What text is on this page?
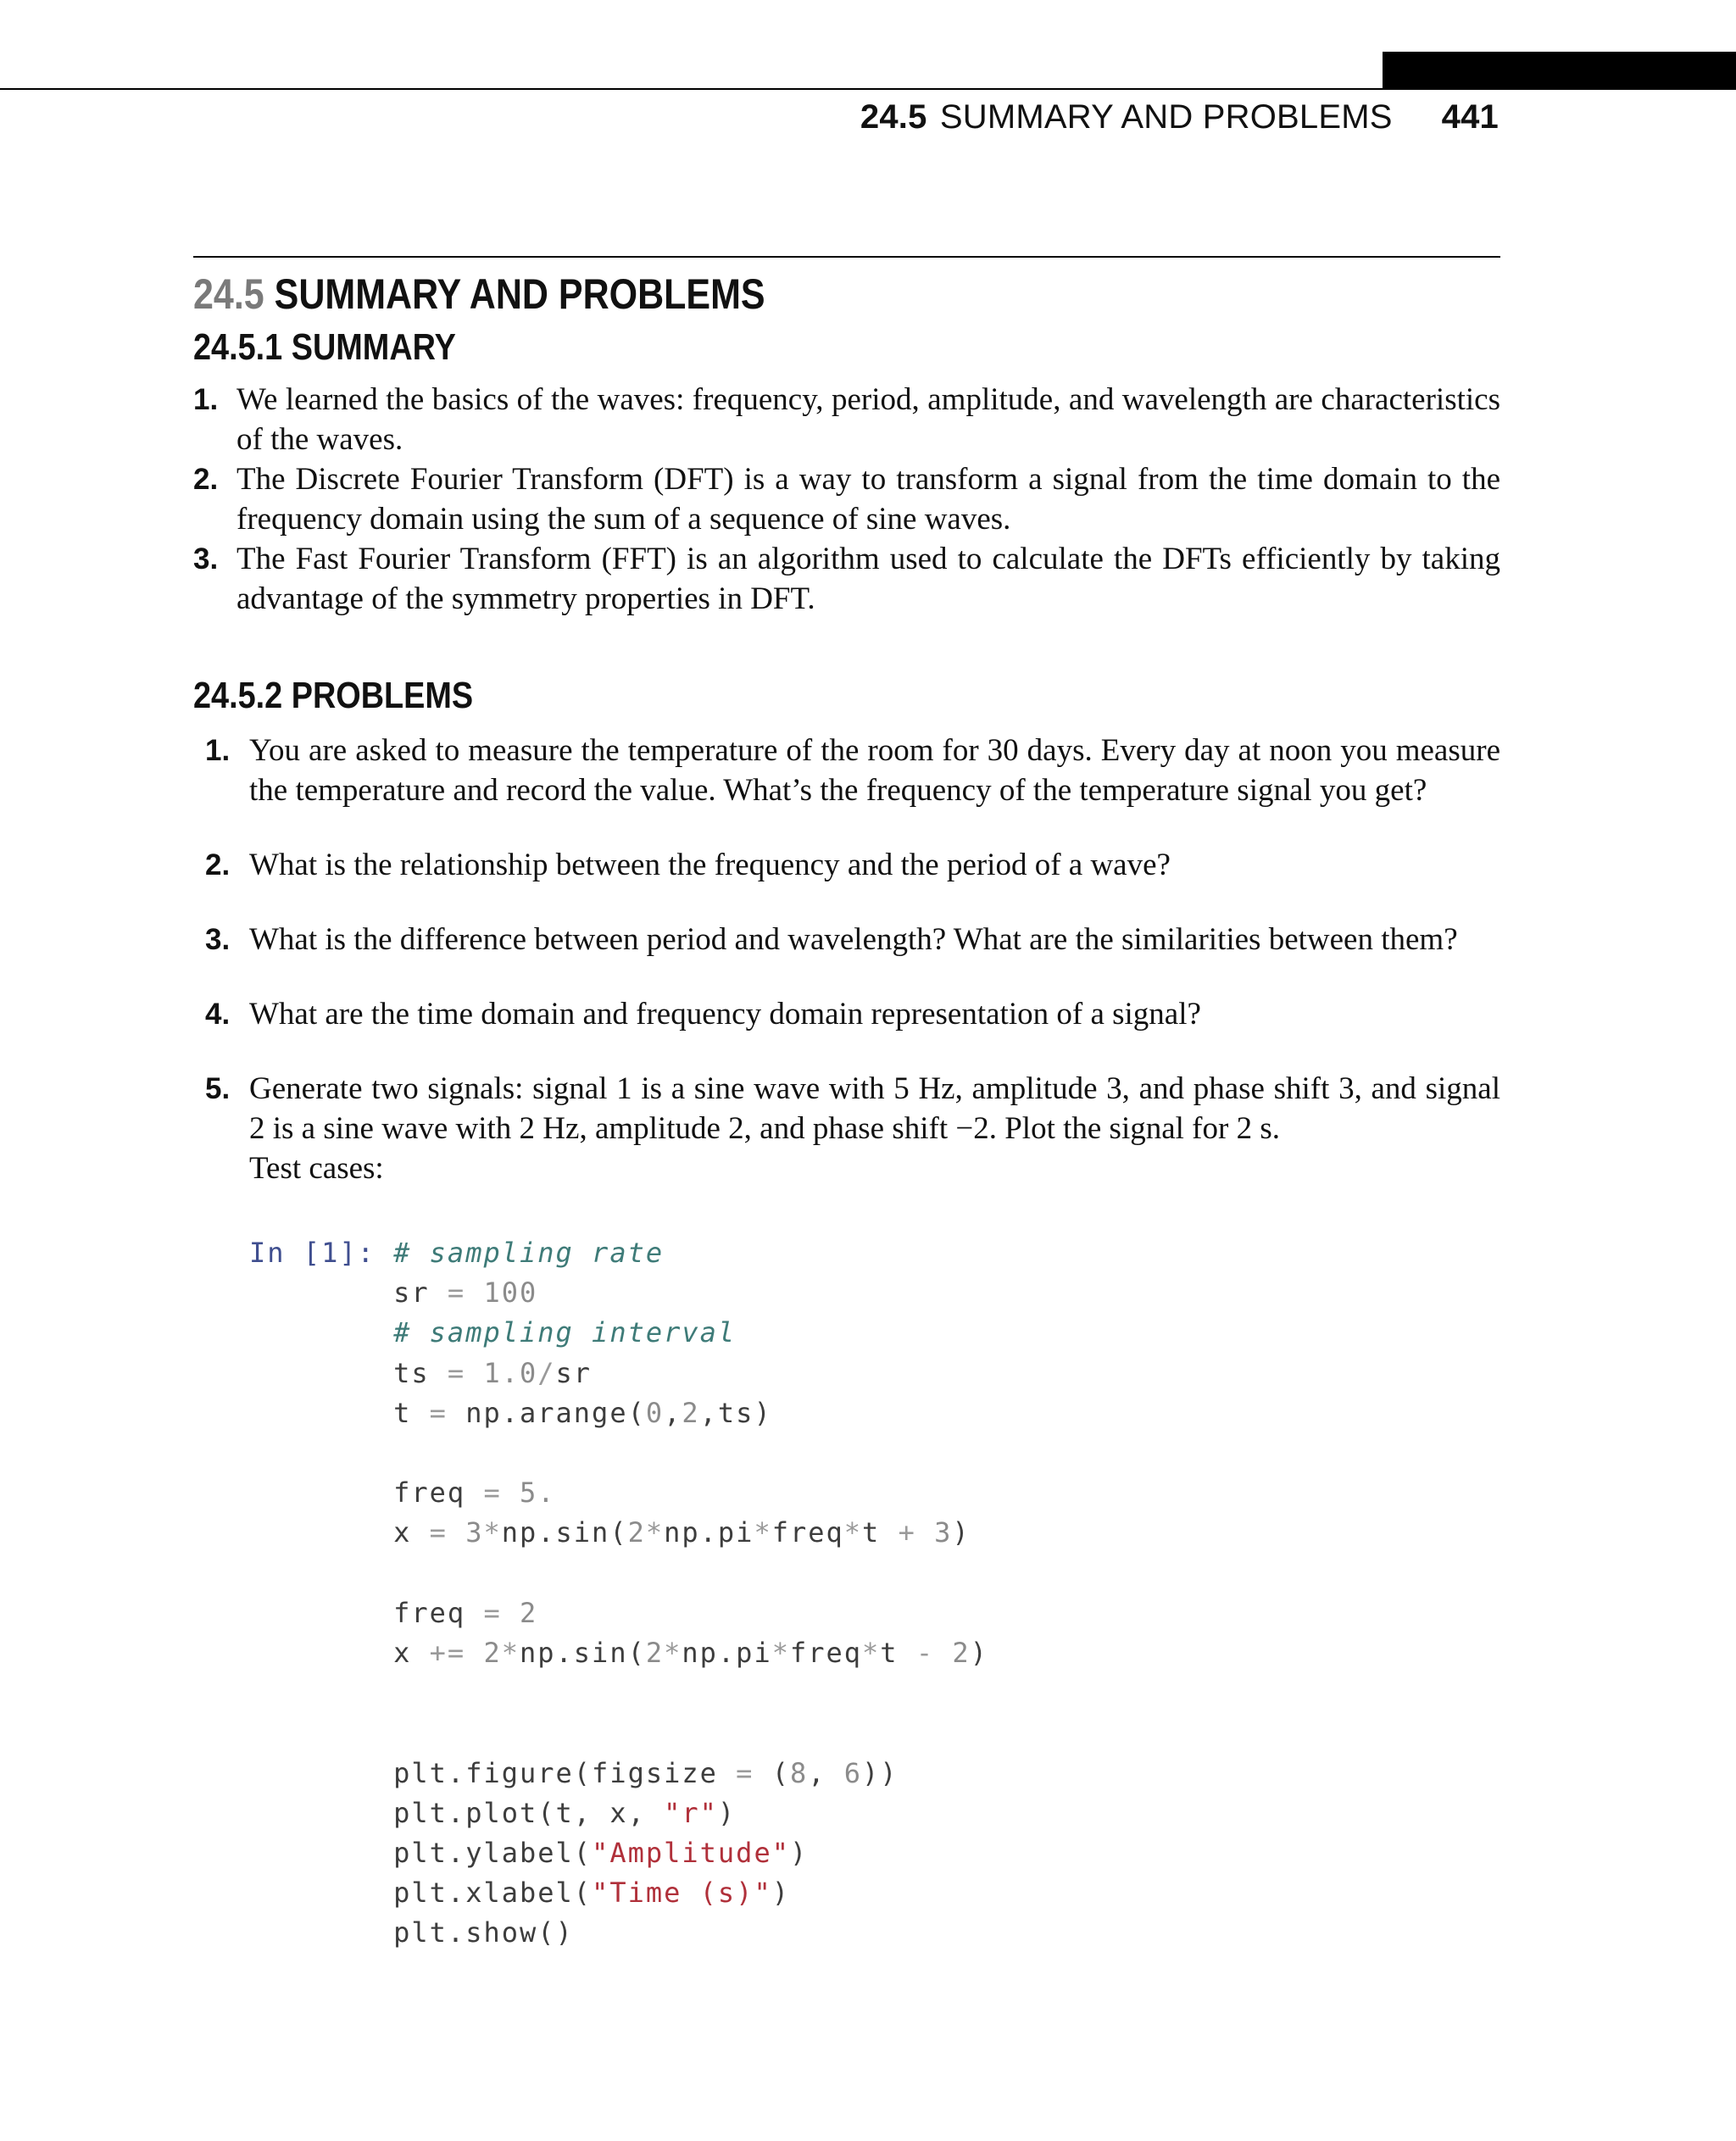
24.5 SUMMARY AND PROBLEMS 441
24.5 SUMMARY AND PROBLEMS
24.5.1 SUMMARY
1. We learned the basics of the waves: frequency, period, amplitude, and wavelength are characteristics of the waves.
2. The Discrete Fourier Transform (DFT) is a way to transform a signal from the time domain to the frequency domain using the sum of a sequence of sine waves.
3. The Fast Fourier Transform (FFT) is an algorithm used to calculate the DFTs efficiently by taking advantage of the symmetry properties in DFT.
24.5.2 PROBLEMS
1. You are asked to measure the temperature of the room for 30 days. Every day at noon you measure the temperature and record the value. What’s the frequency of the temperature signal you get?
2. What is the relationship between the frequency and the period of a wave?
3. What is the difference between period and wavelength? What are the similarities between them?
4. What are the time domain and frequency domain representation of a signal?
5. Generate two signals: signal 1 is a sine wave with 5 Hz, amplitude 3, and phase shift 3, and signal 2 is a sine wave with 2 Hz, amplitude 2, and phase shift −2. Plot the signal for 2 s.
Test cases:
In [1]: # sampling rate
sr = 100
# sampling interval
ts = 1.0/sr
t = np.arange(0,2,ts)
​
freq = 5.
x = 3*np.sin(2*np.pi*freq*t + 3)
​
freq = 2
x += 2*np.sin(2*np.pi*freq*t - 2)
​
​
plt.figure(figsize = (8, 6))
plt.plot(t, x, "r")
plt.ylabel("Amplitude")
plt.xlabel("Time (s)")
plt.show()
